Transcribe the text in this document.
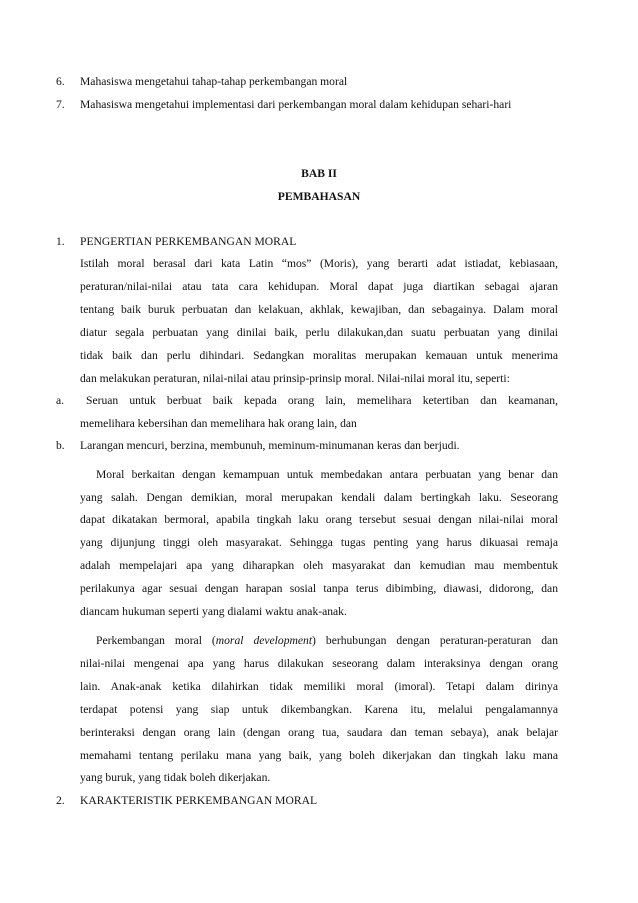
6. Mahasiswa mengetahui tahap-tahap perkembangan moral
7. Mahasiswa mengetahui implementasi dari perkembangan moral dalam kehidupan sehari-hari
BAB II
PEMBAHASAN
1. PENGERTIAN PERKEMBANGAN MORAL
Istilah moral berasal dari kata Latin “mos” (Moris), yang berarti adat istiadat, kebiasaan,
peraturan/nilai-nilai atau tata cara kehidupan. Moral dapat juga diartikan sebagai ajaran
tentang baik buruk perbuatan dan kelakuan, akhlak, kewajiban, dan sebagainya. Dalam moral
diatur segala perbuatan yang dinilai baik, perlu dilakukan,dan suatu perbuatan yang dinilai
tidak baik dan perlu dihindari. Sedangkan moralitas merupakan kemauan untuk menerima
dan melakukan peraturan, nilai-nilai atau prinsip-prinsip moral. Nilai-nilai moral itu, seperti:
a. Seruan untuk berbuat baik kepada orang lain, memelihara ketertiban dan keamanan,
memelihara kebersihan dan memelihara hak orang lain, dan
b. Larangan mencuri, berzina, membunuh, meminum-minumanan keras dan berjudi.
Moral berkaitan dengan kemampuan untuk membedakan antara perbuatan yang benar dan
yang salah. Dengan demikian, moral merupakan kendali dalam bertingkah laku. Seseorang
dapat dikatakan bermoral, apabila tingkah laku orang tersebut sesuai dengan nilai-nilai moral
yang dijunjung tinggi oleh masyarakat. Sehingga tugas penting yang harus dikuasai remaja
adalah mempelajari apa yang diharapkan oleh masyarakat dan kemudian mau membentuk
perilakunya agar sesuai dengan harapan sosial tanpa terus dibimbing, diawasi, didorong, dan
diancam hukuman seperti yang dialami waktu anak-anak.
Perkembangan moral (moral development) berhubungan dengan peraturan-peraturan dan
nilai-nilai mengenai apa yang harus dilakukan seseorang dalam interaksinya dengan orang
lain. Anak-anak ketika dilahirkan tidak memiliki moral (imoral). Tetapi dalam dirinya
terdapat potensi yang siap untuk dikembangkan. Karena itu, melalui pengalamannya
berinteraksi dengan orang lain (dengan orang tua, saudara dan teman sebaya), anak belajar
memahami tentang perilaku mana yang baik, yang boleh dikerjakan dan tingkah laku mana
yang buruk, yang tidak boleh dikerjakan.
2. KARAKTERISTIK PERKEMBANGAN MORAL
